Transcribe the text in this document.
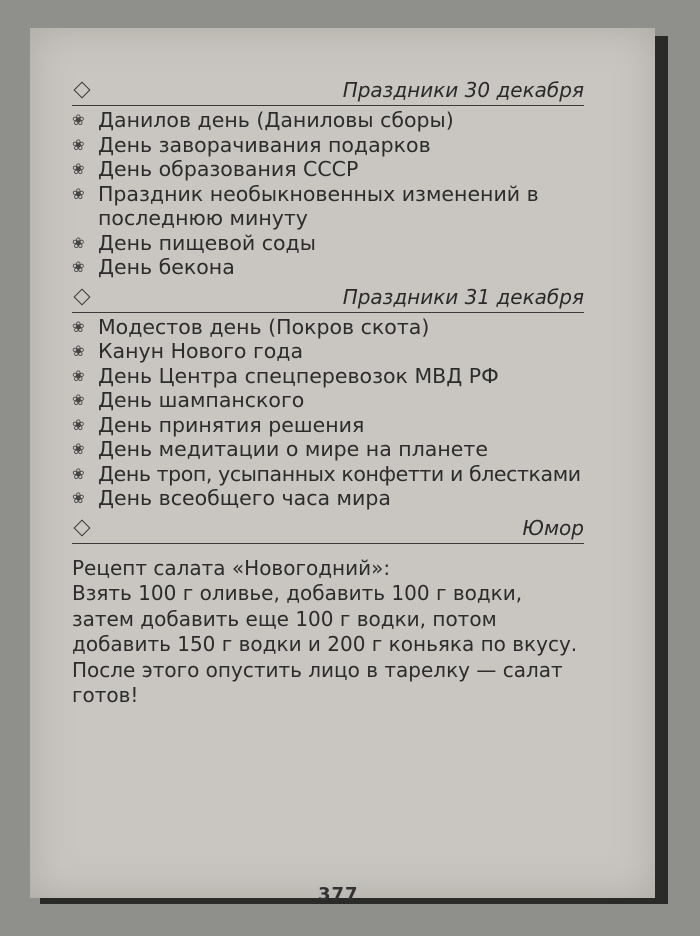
Праздники 30 декабря
❀ Данилов день (Даниловы сборы)
❀ День заворачивания подарков
❀ День образования СССР
❀ Праздник необыкновенных изменений в последнюю минуту
❀ День пищевой соды
❀ День бекона
Праздники 31 декабря
❀ Модестов день (Покров скота)
❀ Канун Нового года
❀ День Центра спецперевозок МВД РФ
❀ День шампанского
❀ День принятия решения
❀ День медитации о мире на планете
❀ День троп, усыпанных конфетти и блестками
❀ День всеобщего часа мира
Юмор

Рецепт салата «Новогодний»:

Взять 100 г оливье, добавить 100 г водки, затем добавить еще 100 г водки, потом добавить 150 г водки и 200 г коньяка по вкусу.

После этого опустить лицо в тарелку — салат готов!

377
